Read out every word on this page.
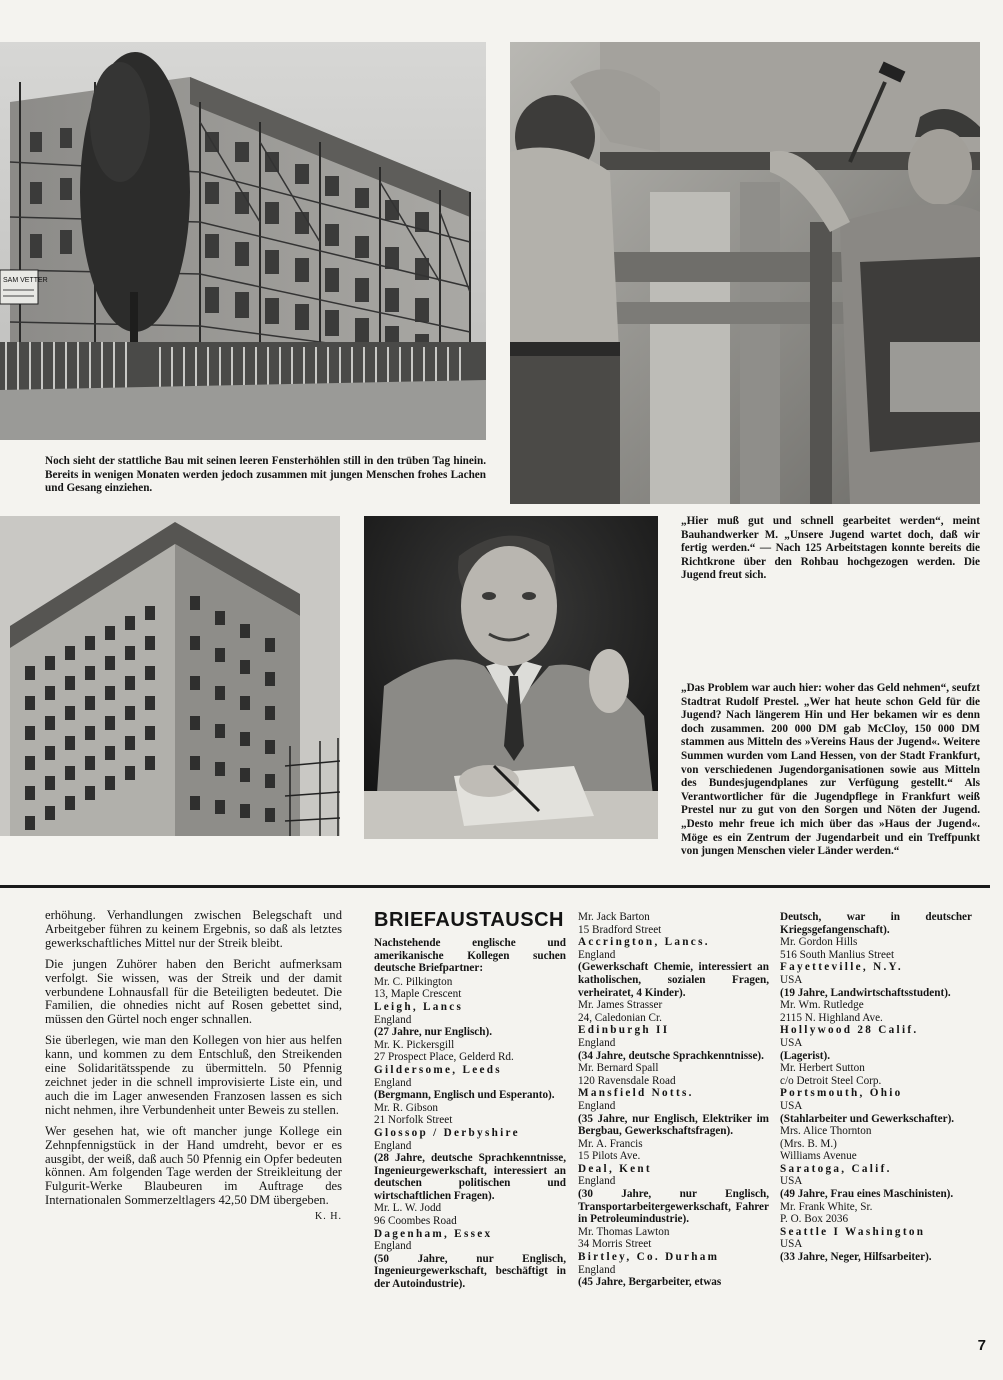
SAM VETTER

Noch sieht der stattliche Bau mit seinen leeren Fensterhöhlen still in den trüben Tag hinein. Bereits in wenigen Monaten werden jedoch zusammen mit jungen Menschen frohes Lachen und Gesang einziehen.

„Hier muß gut und schnell gearbeitet werden“, meint Bauhandwerker M. „Unsere Jugend wartet doch, daß wir fertig werden.“ — Nach 125 Arbeitstagen konnte bereits die Richtkrone über den Rohbau hochgezogen werden. Die Jugend freut sich.

„Das Problem war auch hier: woher das Geld nehmen“, seufzt Stadtrat Rudolf Prestel. „Wer hat heute schon Geld für die Jugend? Nach längerem Hin und Her bekamen wir es denn doch zusammen. 200 000 DM gab McCloy, 150 000 DM stammen aus Mitteln des »Vereins Haus der Jugend«. Weitere Summen wurden vom Land Hessen, von der Stadt Frankfurt, von verschiedenen Jugendorganisationen sowie aus Mitteln des Bundesjugendplanes zur Verfügung gestellt.“ Als Verantwortlicher für die Jugendpflege in Frankfurt weiß Prestel nur zu gut von den Sorgen und Nöten der Jugend. „Desto mehr freue ich mich über das »Haus der Jugend«. Möge es ein Zentrum der Jugendarbeit und ein Treffpunkt von jungen Menschen vieler Länder werden.“

erhöhung. Verhandlungen zwischen Belegschaft und Arbeitgeber führen zu keinem Ergebnis, so daß als letztes gewerkschaftliches Mittel nur der Streik bleibt.

Die jungen Zuhörer haben den Bericht aufmerksam verfolgt. Sie wissen, was der Streik und der damit verbundene Lohnausfall für die Beteiligten bedeutet. Die Familien, die ohnedies nicht auf Rosen gebettet sind, müssen den Gürtel noch enger schnallen.

Sie überlegen, wie man den Kollegen von hier aus helfen kann, und kommen zu dem Entschluß, den Streikenden eine Solidaritätsspende zu übermitteln. 50 Pfennig zeichnet jeder in die schnell improvisierte Liste ein, und auch die im Lager anwesenden Franzosen lassen es sich nicht nehmen, ihre Verbundenheit unter Beweis zu stellen.

Wer gesehen hat, wie oft mancher junge Kollege ein Zehnpfennigstück in der Hand umdreht, bevor er es ausgibt, der weiß, daß auch 50 Pfennig ein Opfer bedeuten können. Am folgenden Tage werden der Streikleitung der Fulgurit-Werke Blaubeuren im Auftrage des Internationalen Sommerzeltlagers 42,50 DM übergeben.
K. H.

BRIEFAUSTAUSCH
Nachstehende englische und amerikanische Kollegen suchen deutsche Briefpartner:
Mr. C. Pilkington
13, Maple Crescent
Leigh, Lancs
England
(27 Jahre, nur Englisch).
Mr. K. Pickersgill
27 Prospect Place, Gelderd Rd.
Gildersome, Leeds
England
(Bergmann, Englisch und Esperanto).
Mr. R. Gibson
21 Norfolk Street
Glossop / Derbyshire
England
(28 Jahre, deutsche Sprachkenntnisse, Ingenieurgewerkschaft, interessiert an deutschen politischen und wirtschaftlichen Fragen).
Mr. L. W. Jodd
96 Coombes Road
Dagenham, Essex
England
(50 Jahre, nur Englisch, Ingenieurgewerkschaft, beschäftigt in der Autoindustrie).
Mr. Jack Barton
15 Bradford Street
Accrington, Lancs.
England
(Gewerkschaft Chemie, interessiert an katholischen, sozialen Fragen, verheiratet, 4 Kinder).
Mr. James Strasser
24, Caledonian Cr.
Edinburgh II
England
(34 Jahre, deutsche Sprachkenntnisse).
Mr. Bernard Spall
120 Ravensdale Road
Mansfield Notts.
England
(35 Jahre, nur Englisch, Elektriker im Bergbau, Gewerkschaftsfragen).
Mr. A. Francis
15 Pilots Ave.
Deal, Kent
England
(30 Jahre, nur Englisch, Transportarbeitergewerkschaft, Fahrer in Petroleumindustrie).
Mr. Thomas Lawton
34 Morris Street
Birtley, Co. Durham
England
(45 Jahre, Bergarbeiter, etwas
Deutsch, war in deutscher Kriegsgefangenschaft).
Mr. Gordon Hills
516 South Manlius Street
Fayetteville, N.Y.
USA
(19 Jahre, Landwirtschaftsstudent).
Mr. Wm. Rutledge
2115 N. Highland Ave.
Hollywood 28 Calif.
USA
(Lagerist).
Mr. Herbert Sutton
c/o Detroit Steel Corp.
Portsmouth, Ohio
USA
(Stahlarbeiter und Gewerkschafter).
Mrs. Alice Thornton
(Mrs. B. M.)
Williams Avenue
Saratoga, Calif.
USA
(49 Jahre, Frau eines Maschinisten).
Mr. Frank White, Sr.
P. O. Box 2036
Seattle I Washington
USA
(33 Jahre, Neger, Hilfsarbeiter).
7
